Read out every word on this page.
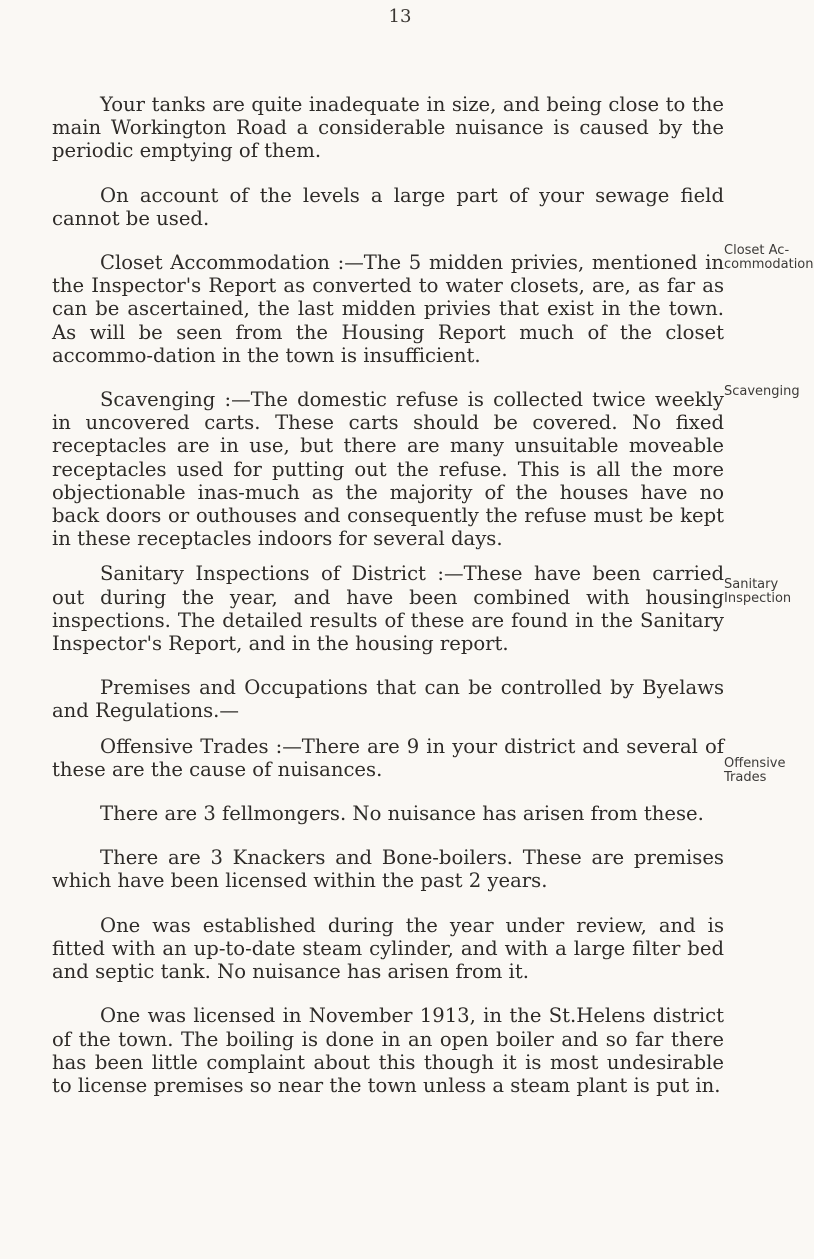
13

Your tanks are quite inadequate in size, and being close to the main Workington Road a considerable nuisance is caused by the periodic emptying of them.

On account of the levels a large part of your sewage field cannot be used.

Closet Accommodation :—The 5 midden privies, mentioned in the Inspector's Report as converted to water closets, are, as far as can be ascertained, the last midden privies that exist in the town. As will be seen from the Housing Report much of the closet accommo-dation in the town is insufficient.

Scavenging :—The domestic refuse is collected twice weekly in uncovered carts. These carts should be covered. No fixed receptacles are in use, but there are many unsuitable moveable receptacles used for putting out the refuse. This is all the more objectionable inas-much as the majority of the houses have no back doors or outhouses and consequently the refuse must be kept in these receptacles indoors for several days.

Sanitary Inspections of District :—These have been carried out during the year, and have been combined with housing inspections. The detailed results of these are found in the Sanitary Inspector's Report, and in the housing report.

Premises and Occupations that can be controlled by Byelaws and Regulations.—

Offensive Trades :—There are 9 in your district and several of these are the cause of nuisances.

There are 3 fellmongers. No nuisance has arisen from these.

There are 3 Knackers and Bone-boilers. These are premises which have been licensed within the past 2 years.

One was established during the year under review, and is fitted with an up-to-date steam cylinder, and with a large filter bed and septic tank. No nuisance has arisen from it.

One was licensed in November 1913, in the St.Helens district of the town. The boiling is done in an open boiler and so far there has been little complaint about this though it is most undesirable to license premises so near the town unless a steam plant is put in.

Closet Ac-
commodation
Scavenging
Sanitary
Inspection
Offensive
Trades
